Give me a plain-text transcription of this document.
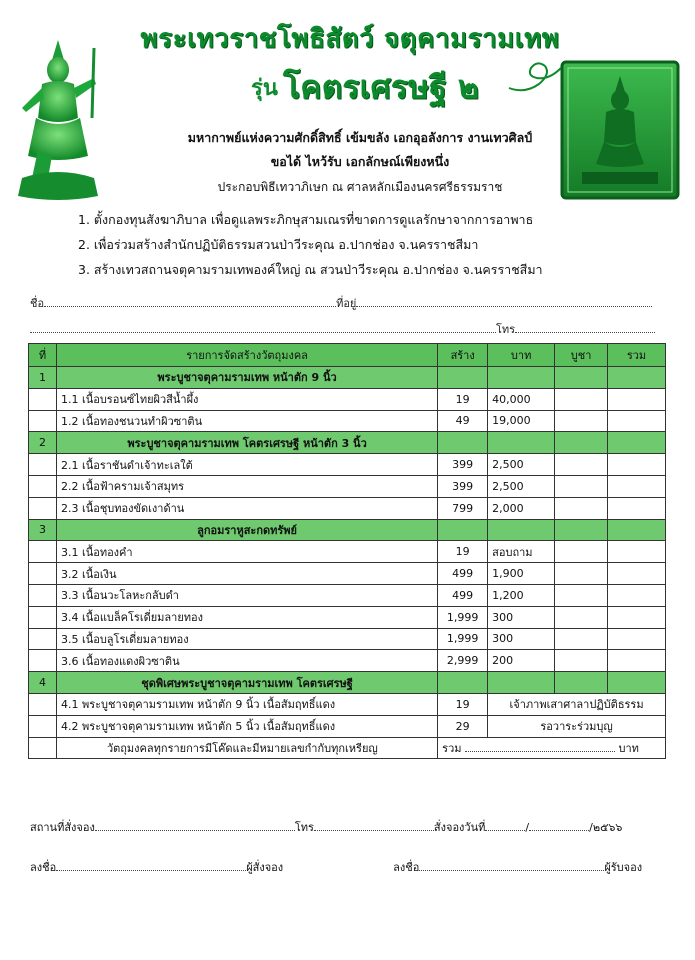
พระเทวราชโพธิสัตว์ จตุคามรามเทพ
รุ่น โคตรเศรษฐี ๒
มหากาพย์แห่งความศักดิ์สิทธิ์ เข้มขลัง เอกอุอลังการ งานเทวศิลป์
ขอได้ ไหว้รับ เอกลักษณ์เพียงหนึ่ง
ประกอบพิธีเทวาภิเษก ณ ศาลหลักเมืองนครศรีธรรมราช
1. ตั้งกองทุนสังฆาภิบาล เพื่อดูแลพระภิกษุสามเณรที่ขาดการดูแลรักษาจากการอาพาธ
2. เพื่อร่วมสร้างสำนักปฏิบัติธรรมสวนป่าวีระคุณ อ.ปากช่อง จ.นครราชสีมา
3. สร้างเทวสถานจตุคามรามเทพองค์ใหญ่ ณ สวนป่าวีระคุณ อ.ปากช่อง จ.นครราชสีมา
ชื่อ	ที่อยู่
โทร
ที่	รายการจัดสร้างวัตถุมงคล	สร้าง	บาท	บูชา	รวม
1	พระบูชาจตุคามรามเทพ หน้าตัก 9 นิ้ว				
	1.1 เนื้อบรอนซ์ไทยผิวสีน้ำผึ้ง	19	40,000		
	1.2 เนื้อทองชนวนทำผิวซาติน	49	19,000		
2	พระบูชาจตุคามรามเทพ โคตรเศรษฐี หน้าตัก 3 นิ้ว				
	2.1 เนื้อราชันดำเจ้าทะเลใต้	399	2,500		
	2.2 เนื้อฟ้าครามเจ้าสมุทร	399	2,500		
	2.3 เนื้อชุบทองขัดเงาด้าน	799	2,000		
3	ลูกอมราหูสะกดทรัพย์				
	3.1 เนื้อทองคำ	19	สอบถาม		
	3.2 เนื้อเงิน	499	1,900		
	3.3 เนื้อนวะโลหะกลับดำ	499	1,200		
	3.4 เนื้อแบล็คโรเดี่ยมลายทอง	1,999	300		
	3.5 เนื้อบลูโรเดี่ยมลายทอง	1,999	300		
	3.6 เนื้อทองแดงผิวซาติน	2,999	200		
4	ชุดพิเศษพระบูชาจตุคามรามเทพ โคตรเศรษฐี				
	4.1 พระบูชาจตุคามรามเทพ หน้าตัก 9 นิ้ว เนื้อสัมฤทธิ์แดง	19	เจ้าภาพเสาศาลาปฏิบัติธรรม		
	4.2 พระบูชาจตุคามรามเทพ หน้าตัก 5 นิ้ว เนื้อสัมฤทธิ์แดง	29	รอวาระร่วมบุญ		
	วัตถุมงคลทุกรายการมีโค๊ดและมีหมายเลขกำกับทุกเหรียญ	รวม บาท			
สถานที่สั่งจอง	โทร	สั่งจองวันที่	/	/๒๕๖๖
ลงชื่อ	ผู้สั่งจอง	ลงชื่อ	ผู้รับจอง
